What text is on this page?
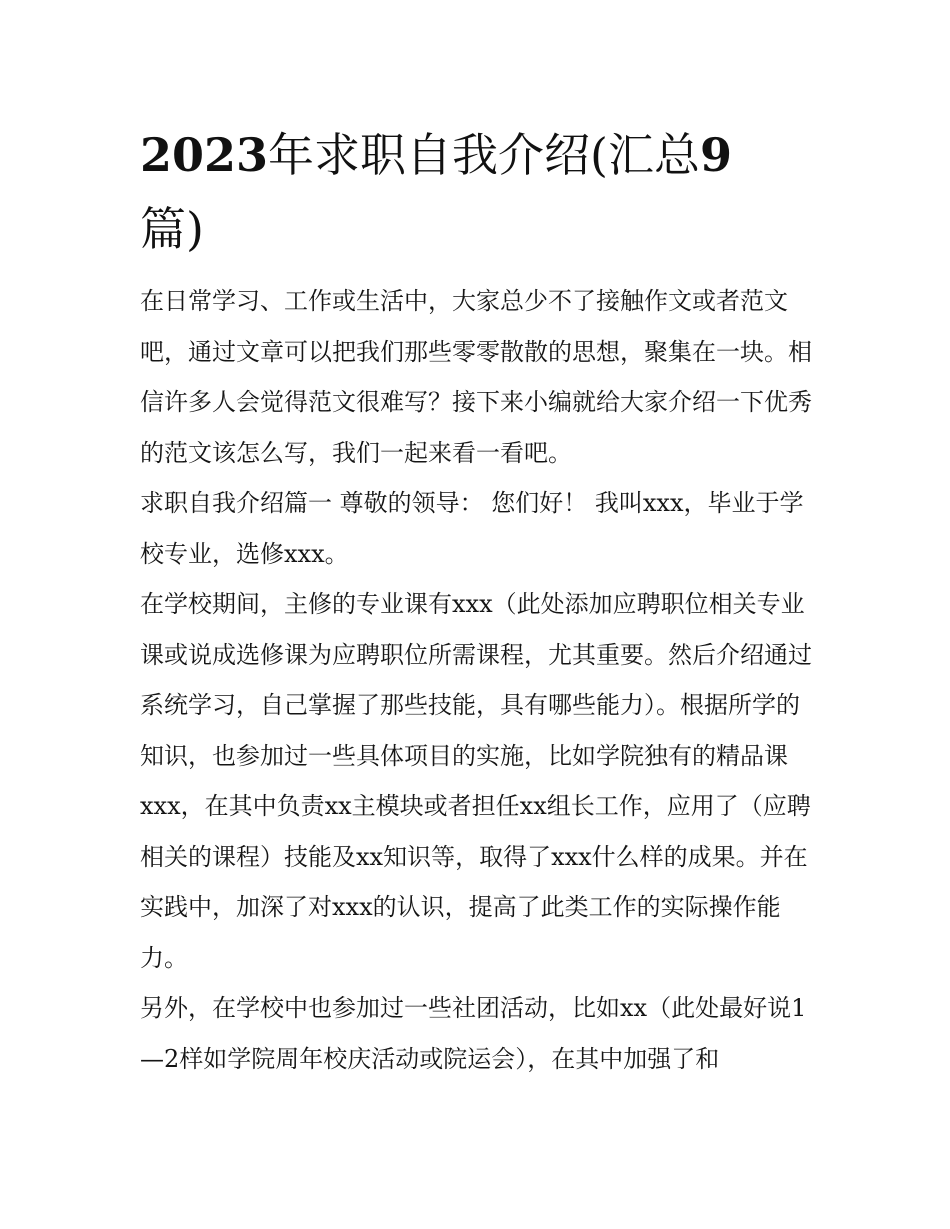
2023年求职自我介绍(汇总9
篇)

在日常学习、工作或生活中，大家总少不了接触作文或者范文吧，通过文章可以把我们那些零零散散的思想，聚集在一块。相信许多人会觉得范文很难写？接下来小编就给大家介绍一下优秀的范文该怎么写，我们一起来看一看吧。

求职自我介绍篇一 尊敬的领导： 您们好！ 我叫xxx，毕业于学校专业，选修xxx。

在学校期间，主修的专业课有xxx（此处添加应聘职位相关专业课或说成选修课为应聘职位所需课程，尤其重要。然后介绍通过系统学习，自己掌握了那些技能，具有哪些能力）。根据所学的知识，也参加过一些具体项目的实施，比如学院独有的精品课xxx，在其中负责xx主模块或者担任xx组长工作，应用了（应聘相关的课程）技能及xx知识等，取得了xxx什么样的成果。并在实践中，加深了对xxx的认识，提高了此类工作的实际操作能力。

另外，在学校中也参加过一些社团活动，比如xx（此处最好说1—2样如学院周年校庆活动或院运会），在其中加强了和
